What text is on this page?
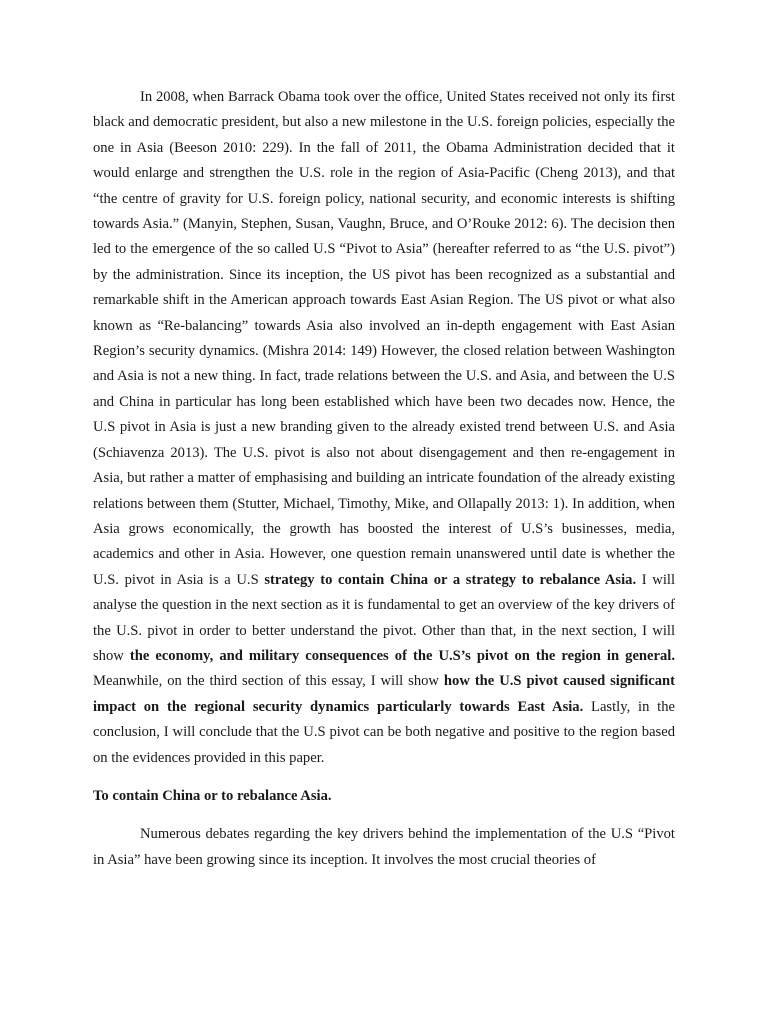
In 2008, when Barrack Obama took over the office, United States received not only its first black and democratic president, but also a new milestone in the U.S. foreign policies, especially the one in Asia (Beeson 2010: 229). In the fall of 2011, the Obama Administration decided that it would enlarge and strengthen the U.S. role in the region of Asia-Pacific (Cheng 2013), and that “the centre of gravity for U.S. foreign policy, national security, and economic interests is shifting towards Asia.” (Manyin, Stephen, Susan, Vaughn, Bruce, and O’Rouke 2012: 6). The decision then led to the emergence of the so called U.S “Pivot to Asia” (hereafter referred to as “the U.S. pivot”) by the administration. Since its inception, the US pivot has been recognized as a substantial and remarkable shift in the American approach towards East Asian Region. The US pivot or what also known as “Re-balancing” towards Asia also involved an in-depth engagement with East Asian Region’s security dynamics. (Mishra 2014: 149) However, the closed relation between Washington and Asia is not a new thing. In fact, trade relations between the U.S. and Asia, and between the U.S and China in particular has long been established which have been two decades now. Hence, the U.S pivot in Asia is just a new branding given to the already existed trend between U.S. and Asia (Schiavenza 2013). The U.S. pivot is also not about disengagement and then re-engagement in Asia, but rather a matter of emphasising and building an intricate foundation of the already existing relations between them (Stutter, Michael, Timothy, Mike, and Ollapally 2013: 1). In addition, when Asia grows economically, the growth has boosted the interest of U.S’s businesses, media, academics and other in Asia. However, one question remain unanswered until date is whether the U.S. pivot in Asia is a U.S strategy to contain China or a strategy to rebalance Asia. I will analyse the question in the next section as it is fundamental to get an overview of the key drivers of the U.S. pivot in order to better understand the pivot. Other than that, in the next section, I will show the economy, and military consequences of the U.S’s pivot on the region in general. Meanwhile, on the third section of this essay, I will show how the U.S pivot caused significant impact on the regional security dynamics particularly towards East Asia. Lastly, in the conclusion, I will conclude that the U.S pivot can be both negative and positive to the region based on the evidences provided in this paper.

To contain China or to rebalance Asia.

Numerous debates regarding the key drivers behind the implementation of the U.S “Pivot in Asia” have been growing since its inception. It involves the most crucial theories of
